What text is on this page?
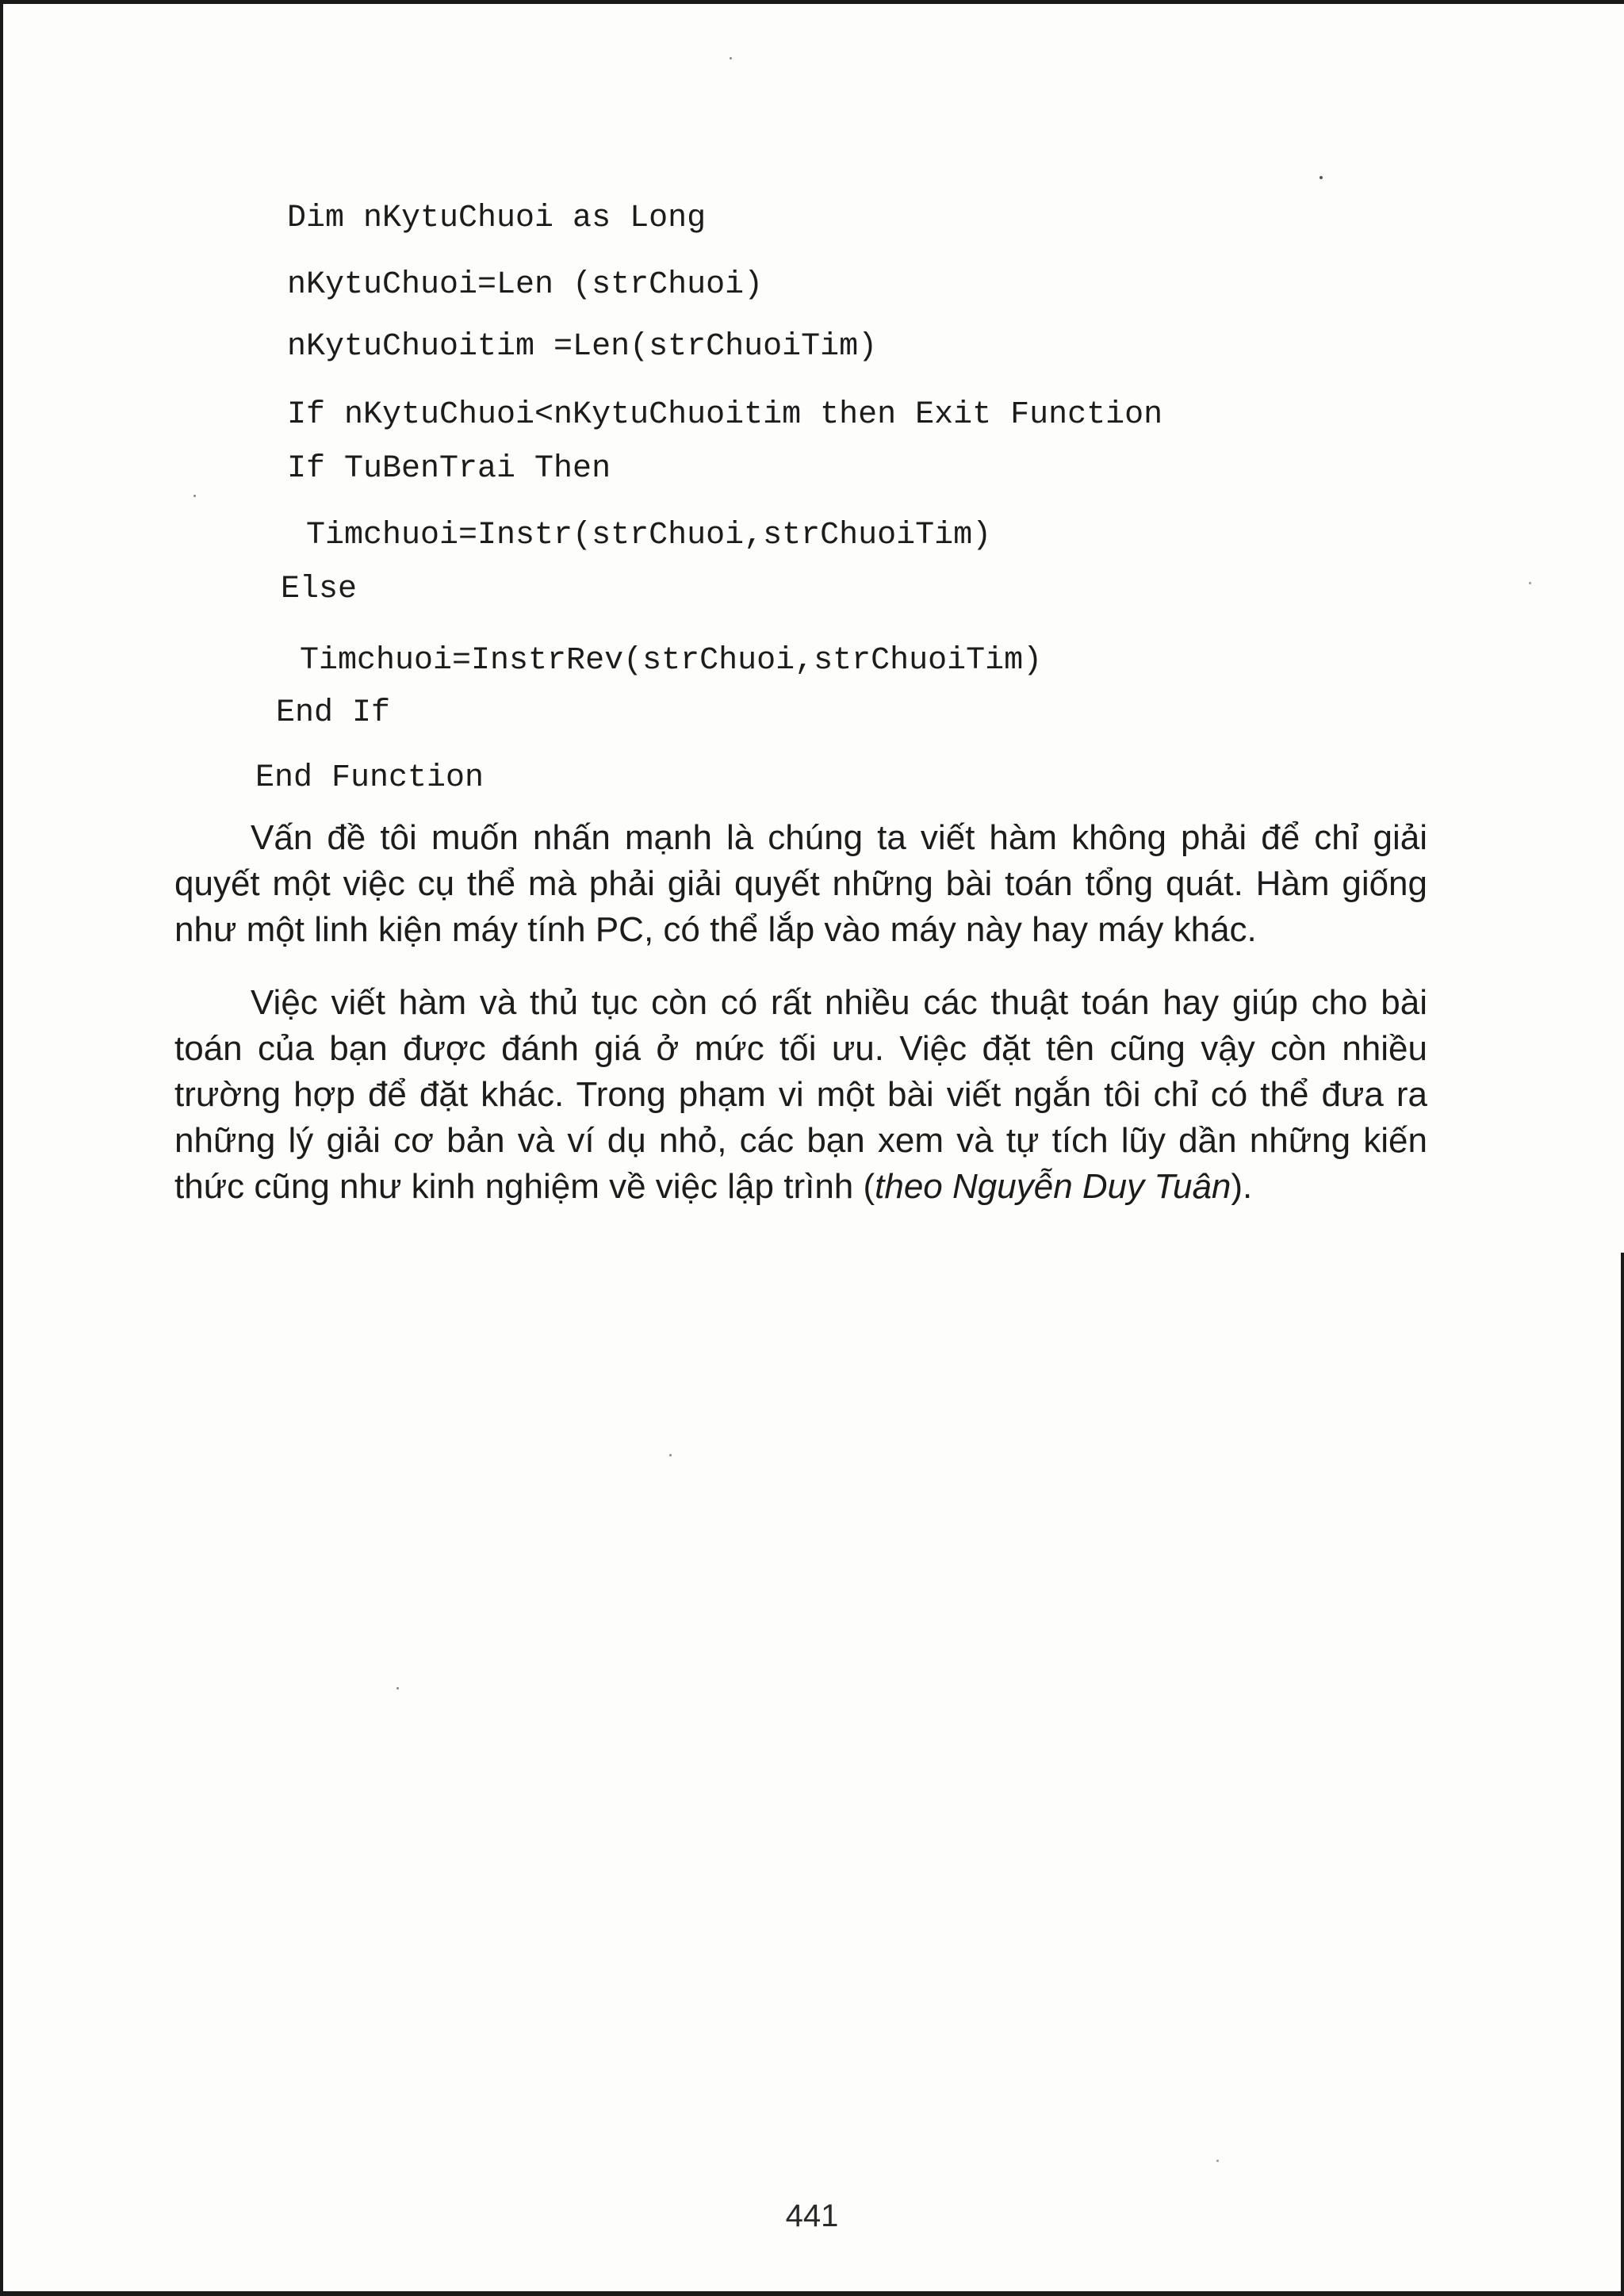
Dim nKytuChuoi as Long
nKytuChuoi=Len (strChuoi)
nKytuChuoitim =Len(strChuoiTim)
If nKytuChuoi<nKytuChuoitim then Exit Function
If TuBenTrai Then
Timchuoi=Instr(strChuoi,strChuoiTim)
Else
Timchuoi=InstrRev(strChuoi,strChuoiTim)
End If
End Function

Vấn đề tôi muốn nhấn mạnh là chúng ta viết hàm không phải để chỉ giải quyết một việc cụ thể mà phải giải quyết những bài toán tổng quát. Hàm giống như một linh kiện máy tính PC, có thể lắp vào máy này hay máy khác.

Việc viết hàm và thủ tục còn có rất nhiều các thuật toán hay giúp cho bài toán của bạn được đánh giá ở mức tối ưu. Việc đặt tên cũng vậy còn nhiều trường hợp để đặt khác. Trong phạm vi một bài viết ngắn tôi chỉ có thể đưa ra những lý giải cơ bản và ví dụ nhỏ, các bạn xem và tự tích lũy dần những kiến thức cũng như kinh nghiệm về việc lập trình (theo Nguyễn Duy Tuân).

441
